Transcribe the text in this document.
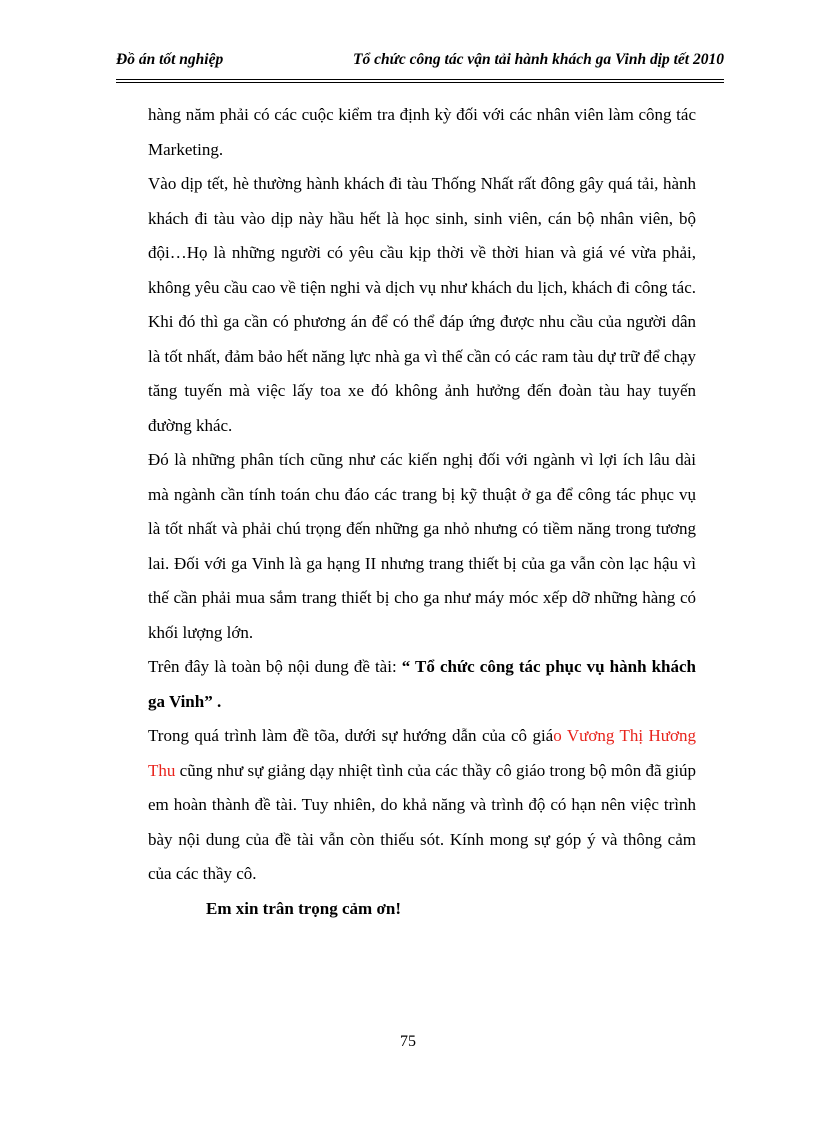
Đồ án tốt nghiệp	Tổ chức công tác vận tải hành khách ga Vinh dịp tết 2010

hàng năm phải có các cuộc kiểm tra định kỳ đối với các nhân viên làm công tác Marketing.

Vào dịp tết, hè thường hành khách đi tàu Thống Nhất rất đông gây quá tải, hành khách đi tàu vào dịp này hầu hết là học sinh, sinh viên, cán bộ nhân viên, bộ đội…Họ là những người có yêu cầu kịp thời về thời hian và giá vé vừa phải, không yêu cầu cao về tiện nghi và dịch vụ như khách du lịch, khách đi công tác. Khi đó thì ga cần có phương án để có thể đáp ứng được nhu cầu của người dân là tốt nhất, đảm bảo hết năng lực nhà ga vì thế cần có các ram tàu dự trữ để chạy tăng tuyến mà việc lấy toa xe đó không ảnh hưởng đến đoàn tàu hay tuyến đường khác.

Đó là những phân tích cũng như các kiến nghị đối với ngành vì lợi ích lâu dài mà ngành cần tính toán chu đáo các trang bị kỹ thuật ở ga để công tác phục vụ là tốt nhất và phải chú trọng đến những ga nhỏ nhưng có tiềm năng trong tương lai. Đối với ga Vinh là ga hạng II nhưng trang thiết bị của ga vẫn còn lạc hậu vì thế cần phải mua sắm trang thiết bị cho ga như máy móc xếp dỡ những hàng có khối lượng lớn.

Trên đây là toàn bộ nội dung đề tài: “ Tổ chức công tác phục vụ hành khách ga Vinh” .

Trong quá trình làm đề tõa, dưới sự hướng dẫn của cô giáo Vương Thị Hương Thu cũng như sự giảng dạy nhiệt tình của các thầy cô giáo trong bộ môn đã giúp em hoàn thành đề tài. Tuy nhiên, do khả năng và trình độ có hạn nên việc trình bày nội dung của đề tài vẫn còn thiếu sót. Kính mong sự góp ý và thông cảm của các thầy cô.

Em xin trân trọng cảm ơn!

75
